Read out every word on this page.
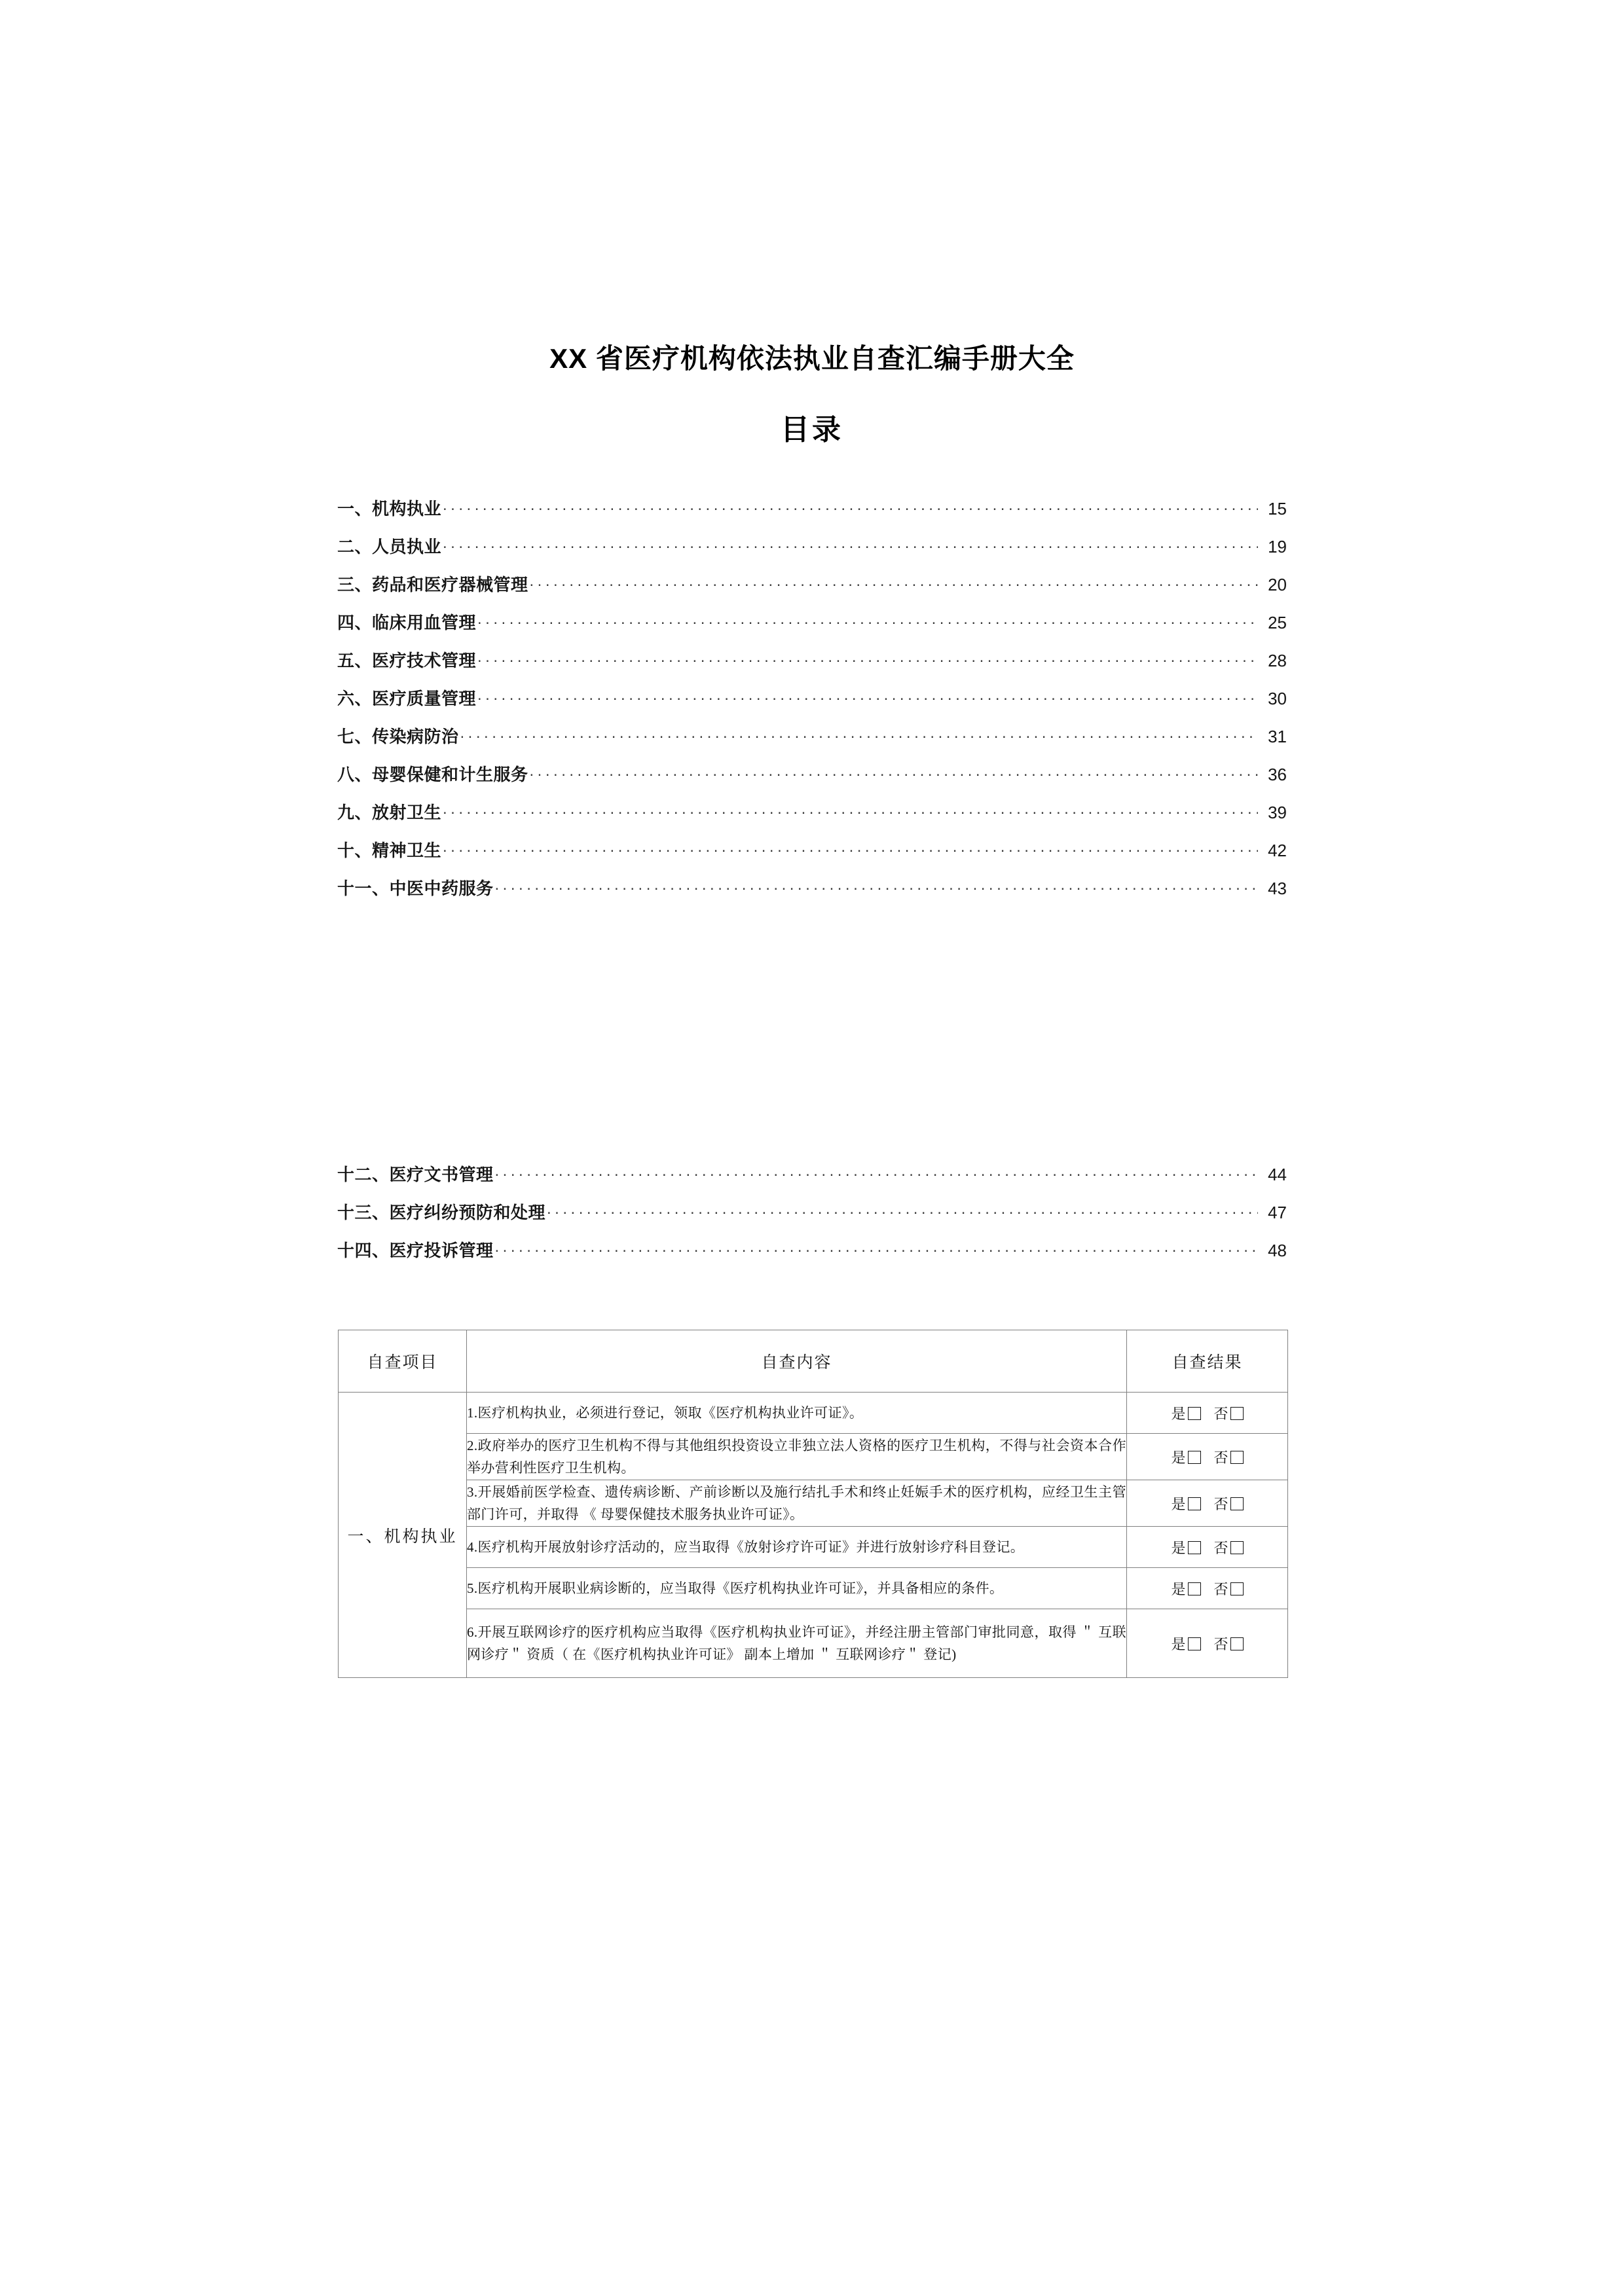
XX 省医疗机构依法执业自查汇编手册大全
目录
一、机构执业 .....	15
二、人员执业 .....	19
三、药品和医疗器械管理 .....	20
四、临床用血管理 .....	25
五、医疗技术管理 .....	28
六、医疗质量管理 .....	30
七、传染病防治 .....	31
八、母婴保健和计生服务 .....	36
九、放射卫生 .....	39
十、精神卫生 .....	42
十一、中医中药服务 .....	43
十二、医疗文书管理 .....	44
十三、医疗纠纷预防和处理 .....	47
十四、医疗投诉管理 .....	48
自查项目	自查内容	自查结果
一、机构执业	1.医疗机构执业，必须进行登记，领取《医疗机构执业许可证》。	是 否
	2.政府举办的医疗卫生机构不得与其他组织投资设立非独立法人资格的医疗卫生机构，不得与社会资本合作举办营利性医疗卫生机构。	是 否
	3.开展婚前医学检查、遗传病诊断、产前诊断以及施行结扎手术和终止妊娠手术的医疗机构，应经卫生主管部门许可，并取得 《 母婴保健技术服务执业许可证》。	是 否
	4.医疗机构开展放射诊疗活动的，应当取得《放射诊疗许可证》并进行放射诊疗科目登记。	是 否
	5.医疗机构开展职业病诊断的，应当取得《医疗机构执业许可证》，并具备相应的条件。	是 否
	6.开展互联网诊疗的医疗机构应当取得《医疗机构执业许可证》，并经注册主管部门审批同意，取得 ＂ 互联网诊疗＂ 资质（ 在《医疗机构执业许可证》 副本上增加 ＂ 互联网诊疗＂ 登记)	是 否
